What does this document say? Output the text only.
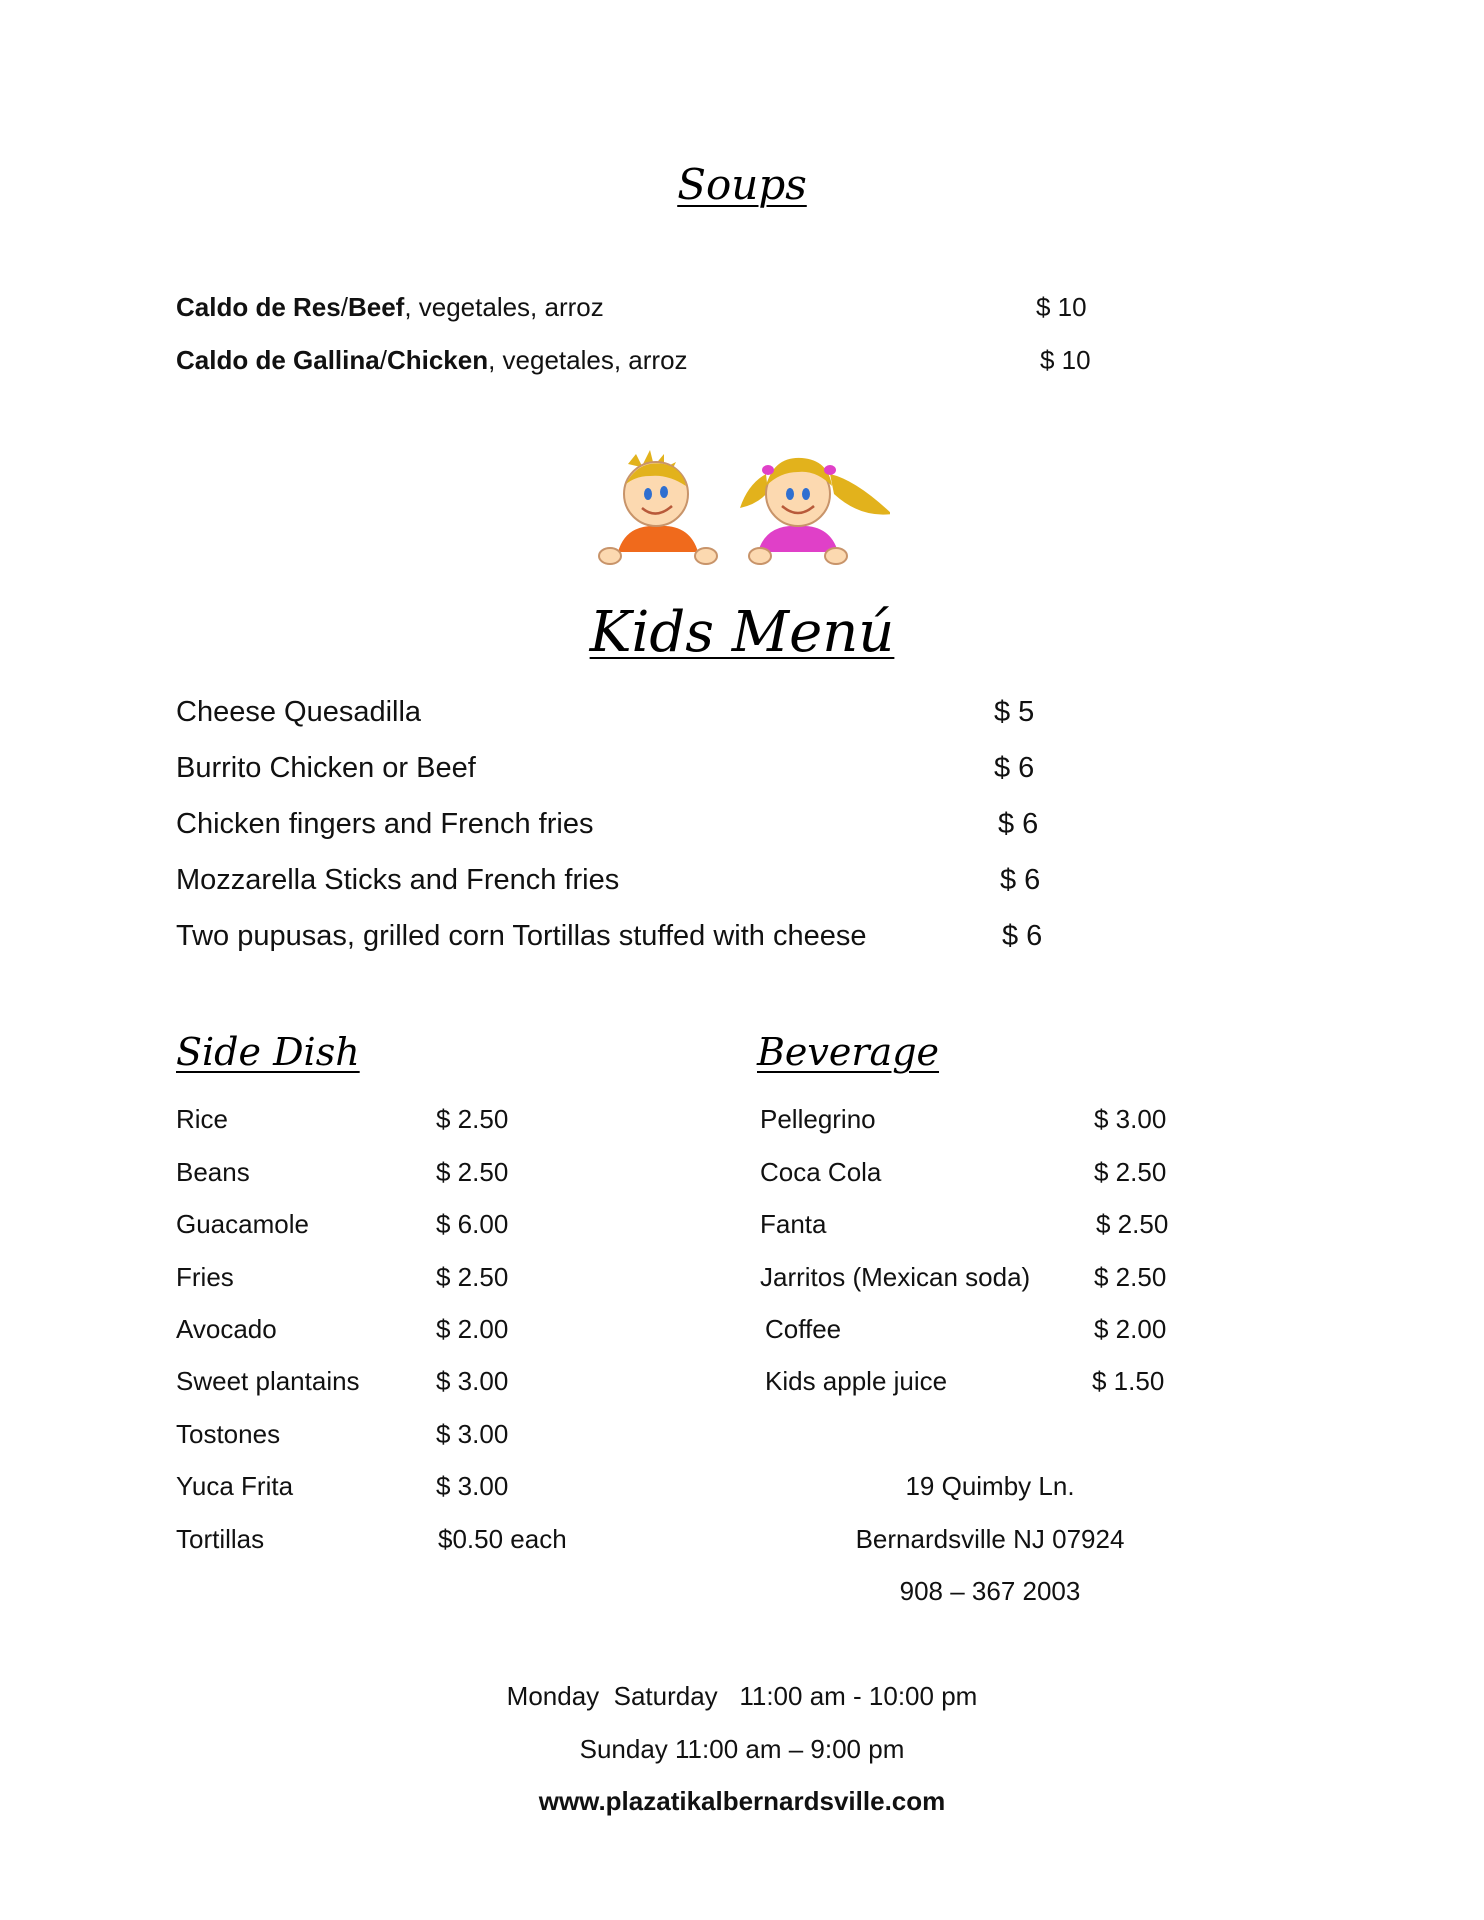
Soups
Caldo de Res/Beef, vegetales, arroz	$ 10
Caldo de Gallina/Chicken, vegetales, arroz	$ 10
Kids Menú
Cheese Quesadilla	$ 5
Burrito Chicken or Beef	$ 6
Chicken fingers and French fries	$ 6
Mozzarella Sticks and French fries	$ 6
Two pupusas, grilled corn Tortillas stuffed with cheese	$ 6
Side Dish
Rice	$ 2.50
Beans	$ 2.50
Guacamole	$ 6.00
Fries	$ 2.50
Avocado	$ 2.00
Sweet plantains	$ 3.00
Tostones	$ 3.00
Yuca Frita	$ 3.00
Tortillas	$0.50 each
Beverage
Pellegrino	$ 3.00
Coca Cola	$ 2.50
Fanta	$ 2.50
Jarritos (Mexican soda) $ 2.50
Coffee	$ 2.00
Kids apple juice	$ 1.50
19 Quimby Ln.
Bernardsville NJ 07924
908 – 367 2003
Monday  Saturday   11:00 am - 10:00 pm
Sunday 11:00 am – 9:00 pm
www.plazatikalbernardsville.com
